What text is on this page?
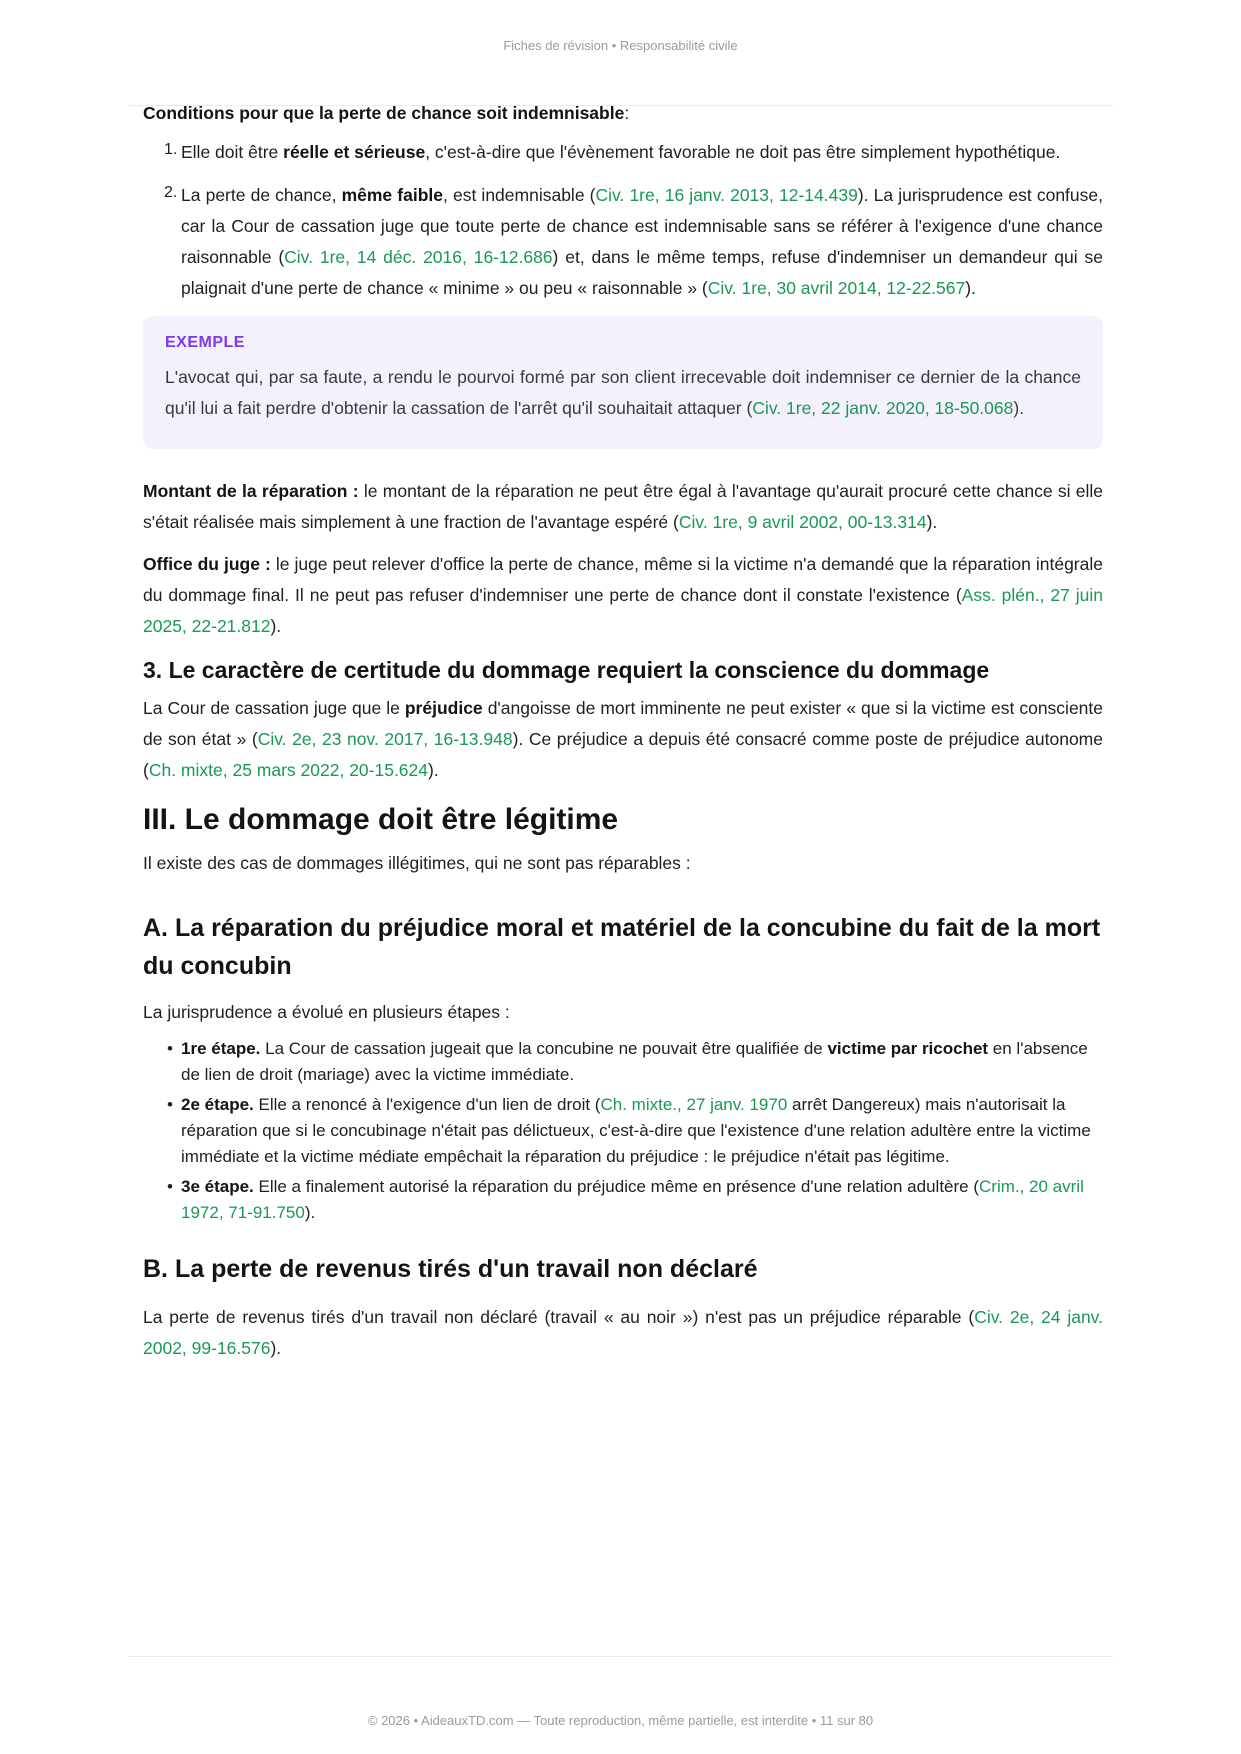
Fiches de révision • Responsabilité civile

Conditions pour que la perte de chance soit indemnisable:

1. Elle doit être réelle et sérieuse, c'est-à-dire que l'évènement favorable ne doit pas être simplement hypothétique.
2. La perte de chance, même faible, est indemnisable (Civ. 1re, 16 janv. 2013, 12-14.439). La jurisprudence est confuse, car la Cour de cassation juge que toute perte de chance est indemnisable sans se référer à l'exigence d'une chance raisonnable (Civ. 1re, 14 déc. 2016, 16-12.686) et, dans le même temps, refuse d'indemniser un demandeur qui se plaignait d'une perte de chance « minime » ou peu « raisonnable » (Civ. 1re, 30 avril 2014, 12-22.567).
EXEMPLE

L'avocat qui, par sa faute, a rendu le pourvoi formé par son client irrecevable doit indemniser ce dernier de la chance qu'il lui a fait perdre d'obtenir la cassation de l'arrêt qu'il souhaitait attaquer (Civ. 1re, 22 janv. 2020, 18-50.068).

Montant de la réparation : le montant de la réparation ne peut être égal à l'avantage qu'aurait procuré cette chance si elle s'était réalisée mais simplement à une fraction de l'avantage espéré (Civ. 1re, 9 avril 2002, 00-13.314).

Office du juge : le juge peut relever d'office la perte de chance, même si la victime n'a demandé que la réparation intégrale du dommage final. Il ne peut pas refuser d'indemniser une perte de chance dont il constate l'existence (Ass. plén., 27 juin 2025, 22-21.812).

3. Le caractère de certitude du dommage requiert la conscience du dommage

La Cour de cassation juge que le préjudice d'angoisse de mort imminente ne peut exister « que si la victime est consciente de son état » (Civ. 2e, 23 nov. 2017, 16-13.948). Ce préjudice a depuis été consacré comme poste de préjudice autonome (Ch. mixte, 25 mars 2022, 20-15.624).

III. Le dommage doit être légitime

Il existe des cas de dommages illégitimes, qui ne sont pas réparables :

A. La réparation du préjudice moral et matériel de la concubine du fait de la mort du concubin

La jurisprudence a évolué en plusieurs étapes :

• 1re étape. La Cour de cassation jugeait que la concubine ne pouvait être qualifiée de victime par ricochet en l'absence de lien de droit (mariage) avec la victime immédiate.
• 2e étape. Elle a renoncé à l'exigence d'un lien de droit (Ch. mixte., 27 janv. 1970 arrêt Dangereux) mais n'autorisait la réparation que si le concubinage n'était pas délictueux, c'est-à-dire que l'existence d'une relation adultère entre la victime immédiate et la victime médiate empêchait la réparation du préjudice : le préjudice n'était pas légitime.
• 3e étape. Elle a finalement autorisé la réparation du préjudice même en présence d'une relation adultère (Crim., 20 avril 1972, 71-91.750).
B. La perte de revenus tirés d'un travail non déclaré

La perte de revenus tirés d'un travail non déclaré (travail « au noir ») n'est pas un préjudice réparable (Civ. 2e, 24 janv. 2002, 99-16.576).

© 2026 • AideauxTD.com — Toute reproduction, même partielle, est interdite • 11 sur 80
